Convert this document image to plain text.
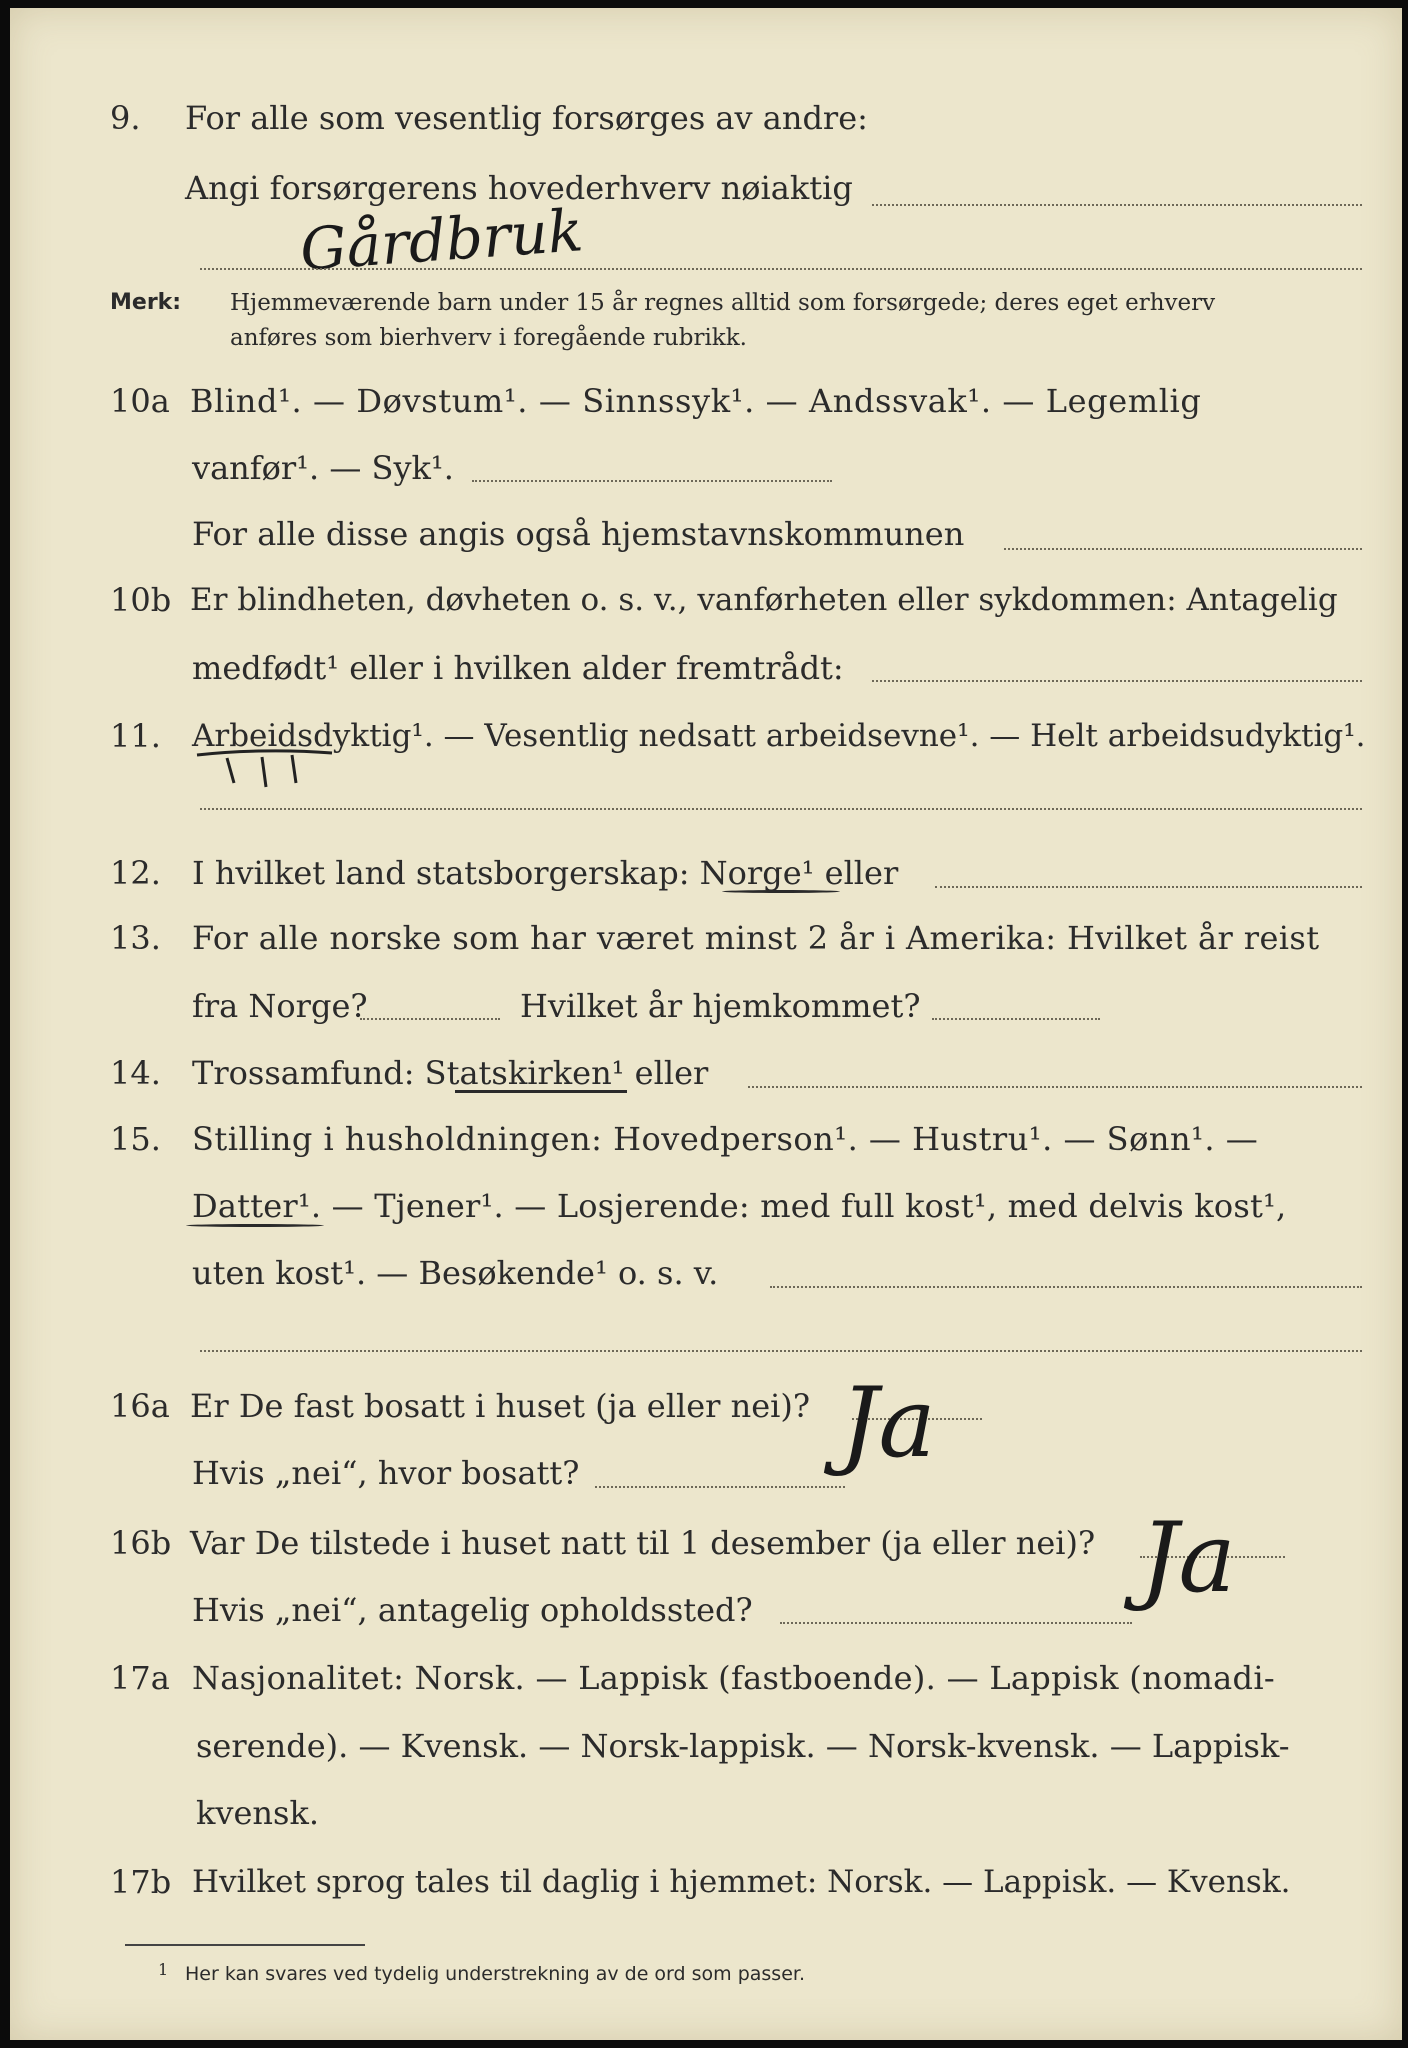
9. For alle som vesentlig forsørges av andre:
Angi forsørgerens hovederhverv nøiaktig
Gårdbruk
Merk: Hjemmeværende barn under 15 år regnes alltid som forsørgede; deres eget erhverv
anføres som bierhverv i foregående rubrikk.
10a Blind¹. — Døvstum¹. — Sinnssyk¹. — Andssvak¹. — Legemlig
vanfør¹. — Syk¹.
For alle disse angis også hjemstavnskommunen
10b Er blindheten, døvheten o. s. v., vanførheten eller sykdommen: Antagelig
medfødt¹ eller i hvilken alder fremtrådt:
11. Arbeidsdyktig¹. — Vesentlig nedsatt arbeidsevne¹. — Helt arbeidsudyktig¹.
12. I hvilket land statsborgerskap: Norge¹ eller
13. For alle norske som har været minst 2 år i Amerika: Hvilket år reist
fra Norge?	Hvilket år hjemkommet?
14. Trossamfund: Statskirken¹ eller
15. Stilling i husholdningen: Hovedperson¹. — Hustru¹. — Sønn¹. —
Datter¹. — Tjener¹. — Losjerende: med full kost¹, med delvis kost¹,
uten kost¹. — Besøkende¹ o. s. v.
16a Er De fast bosatt i huset (ja eller nei)? Ja
Hvis „nei“, hvor bosatt?
16b Var De tilstede i huset natt til 1 desember (ja eller nei)? Ja
Hvis „nei“, antagelig opholdssted?
17a Nasjonalitet: Norsk. — Lappisk (fastboende). — Lappisk (nomadi-
serende). — Kvensk. — Norsk-lappisk. — Norsk-kvensk. — Lappisk-
kvensk.
17b Hvilket sprog tales til daglig i hjemmet: Norsk. — Lappisk. — Kvensk.
1 Her kan svares ved tydelig understrekning av de ord som passer.
